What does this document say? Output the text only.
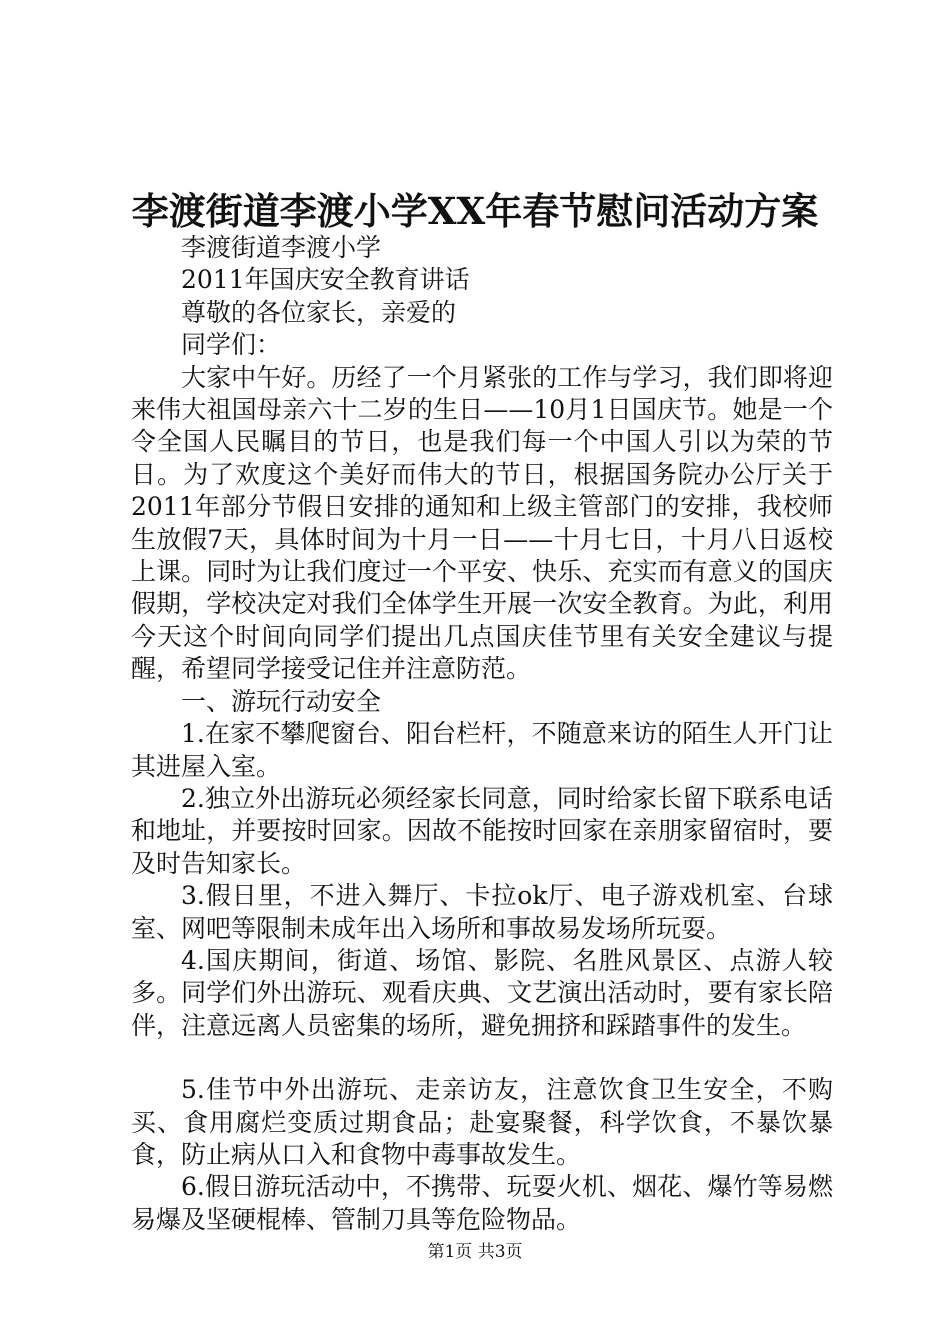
李渡街道李渡小学XX年春节慰问活动方案

李渡街道李渡小学

2011年国庆安全教育讲话

尊敬的各位家长，亲爱的

同学们：

大家中午好。历经了一个月紧张的工作与学习，我们即将迎来伟大祖国母亲六十二岁的生日——10月1日国庆节。她是一个令全国人民瞩目的节日，也是我们每一个中国人引以为荣的节日。为了欢度这个美好而伟大的节日，根据国务院办公厅关于2011年部分节假日安排的通知和上级主管部门的安排，我校师生放假7天，具体时间为十月一日——十月七日，十月八日返校上课。同时为让我们度过一个平安、快乐、充实而有意义的国庆假期，学校决定对我们全体学生开展一次安全教育。为此，利用今天这个时间向同学们提出几点国庆佳节里有关安全建议与提醒，希望同学接受记住并注意防范。

一、游玩行动安全

1.在家不攀爬窗台、阳台栏杆，不随意来访的陌生人开门让其进屋入室。

2.独立外出游玩必须经家长同意，同时给家长留下联系电话和地址，并要按时回家。因故不能按时回家在亲朋家留宿时，要及时告知家长。

3.假日里，不进入舞厅、卡拉ok厅、电子游戏机室、台球室、网吧等限制未成年出入场所和事故易发场所玩耍。

4.国庆期间，街道、场馆、影院、名胜风景区、点游人较多。同学们外出游玩、观看庆典、文艺演出活动时，要有家长陪伴，注意远离人员密集的场所，避免拥挤和踩踏事件的发生。

5.佳节中外出游玩、走亲访友，注意饮食卫生安全，不购买、食用腐烂变质过期食品；赴宴聚餐，科学饮食，不暴饮暴食，防止病从口入和食物中毒事故发生。

6.假日游玩活动中，不携带、玩耍火机、烟花、爆竹等易燃易爆及坚硬棍棒、管制刀具等危险物品。

第1页 共3页
